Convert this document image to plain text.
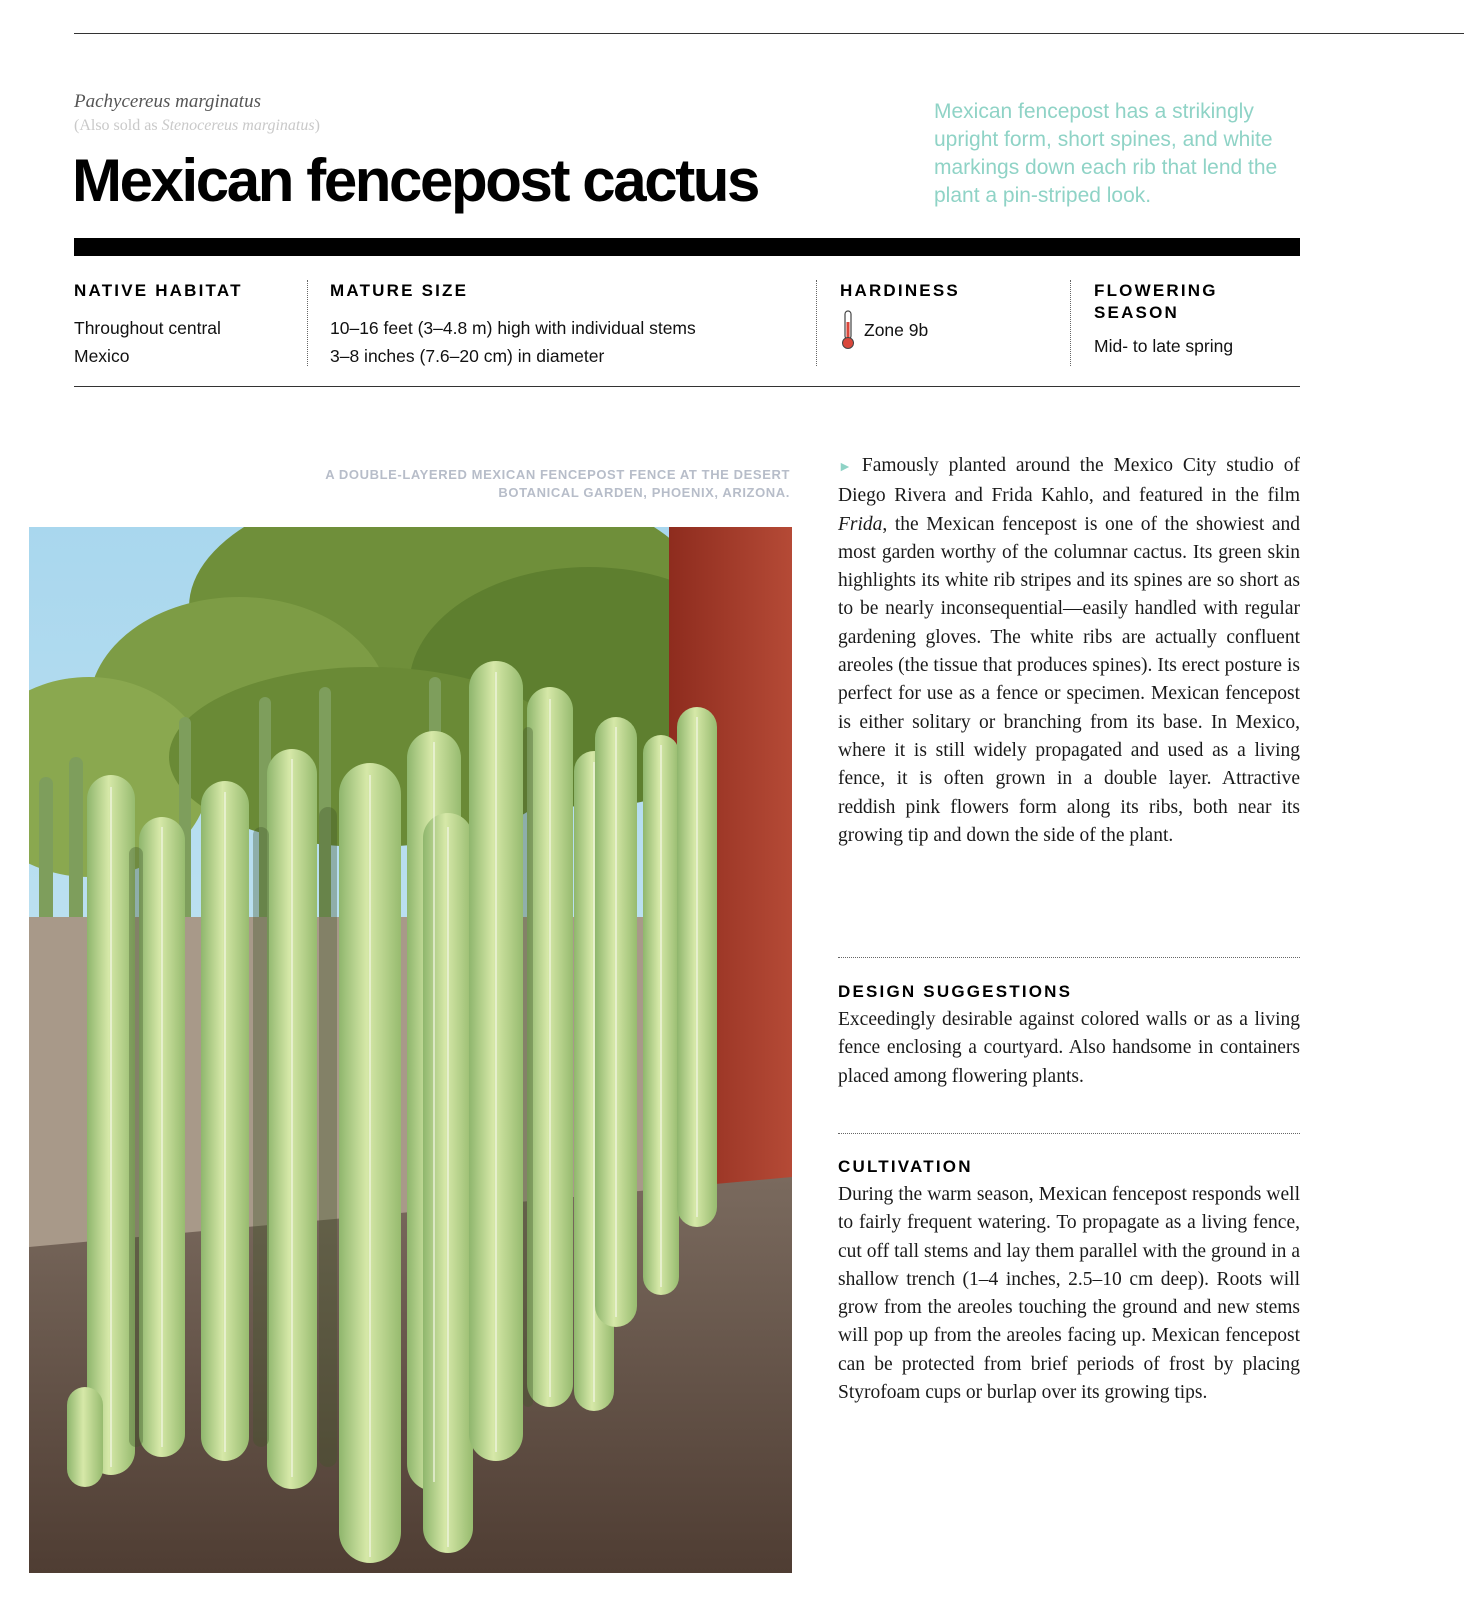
Pachycereus marginatus
(Also sold as Stenocereus marginatus)
Mexican fencepost cactus
Mexican fencepost has a strikingly upright form, short spines, and white markings down each rib that lend the plant a pin-striped look.
NATIVE HABITAT
Throughout central
Mexico
MATURE SIZE
10–16 feet (3–4.8 m) high with individual stems
3–8 inches (7.6–20 cm) in diameter
HARDINESS
Zone 9b
FLOWERING
SEASON
Mid- to late spring
A DOUBLE-LAYERED MEXICAN FENCEPOST FENCE AT THE DESERT
BOTANICAL GARDEN, PHOENIX, ARIZONA.
► Famously planted around the Mexico City studio of Diego Rivera and Frida Kahlo, and featured in the film Frida, the Mexican fencepost is one of the showiest and most garden worthy of the columnar cactus. Its green skin highlights its white rib stripes and its spines are so short as to be nearly inconsequential—easily handled with regular gardening gloves. The white ribs are actually confluent areoles (the tissue that produces spines). Its erect posture is perfect for use as a fence or specimen. Mexican fencepost is either solitary or branching from its base. In Mexico, where it is still widely propagated and used as a living fence, it is often grown in a double layer. Attractive reddish pink flowers form along its ribs, both near its growing tip and down the side of the plant.
DESIGN SUGGESTIONS
Exceedingly desirable against colored walls or as a living fence enclosing a courtyard. Also handsome in containers placed among flowering plants.
CULTIVATION
During the warm season, Mexican fencepost responds well to fairly frequent watering. To propagate as a living fence, cut off tall stems and lay them parallel with the ground in a shallow trench (1–4 inches, 2.5–10 cm deep). Roots will grow from the areoles touching the ground and new stems will pop up from the areoles facing up. Mexican fencepost can be protected from brief periods of frost by placing Styrofoam cups or burlap over its growing tips.
